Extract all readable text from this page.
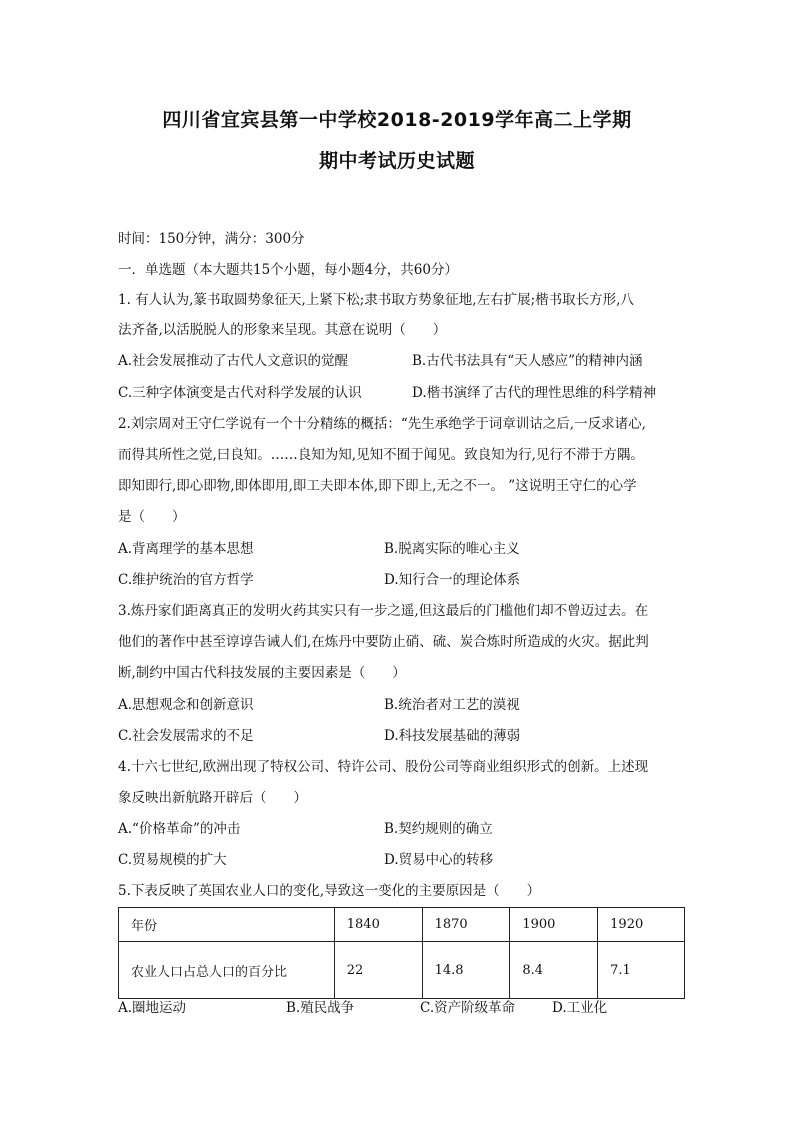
四川省宜宾县第一中学校2018-2019学年高二上学期
期中考试历史试题
时间：150分钟，满分：300分
一．单选题（本大题共15个小题，每小题4分，共60分）
1. 有人认为,篆书取圆势象征天,上紧下松;隶书取方势象征地,左右扩展;楷书取长方形,八
法齐备,以活脱脱人的形象来呈现。其意在说明（　　）
A.社会发展推动了古代人文意识的觉醒	B.古代书法具有“天人感应”的精神内涵
C.三种字体演变是古代对科学发展的认识	D.楷书演绎了古代的理性思维的科学精神
2.刘宗周对王守仁学说有一个十分精练的概括：“先生承绝学于词章训诂之后,一反求诸心,
而得其所性之觉,曰良知。……良知为知,见知不囿于闻见。致良知为行,见行不滞于方隅。
即知即行,即心即物,即体即用,即工夫即本体,即下即上,无之不一。 ”这说明王守仁的心学
是（　　）
A.背离理学的基本思想	B.脱离实际的唯心主义
C.维护统治的官方哲学	D.知行合一的理论体系
3.炼丹家们距离真正的发明火药其实只有一步之遥,但这最后的门槛他们却不曾迈过去。在
他们的著作中甚至谆谆告诫人们,在炼丹中要防止硝、硫、炭合炼时所造成的火灾。据此判
断,制约中国古代科技发展的主要因素是（　　）
A.思想观念和创新意识	B.统治者对工艺的漠视
C.社会发展需求的不足	D.科技发展基础的薄弱
4.十六七世纪,欧洲出现了特权公司、特许公司、股份公司等商业组织形式的创新。上述现
象反映出新航路开辟后（　　）
A.“价格革命”的冲击	B.契约规则的确立
C.贸易规模的扩大	D.贸易中心的转移
5.下表反映了英国农业人口的变化,导致这一变化的主要原因是（　　）
年份	1840	1870	1900	1920
农业人口占总人口的百分比	22	14.8	8.4	7.1
A.圈地运动	B.殖民战争	C.资产阶级革命	D.工业化
